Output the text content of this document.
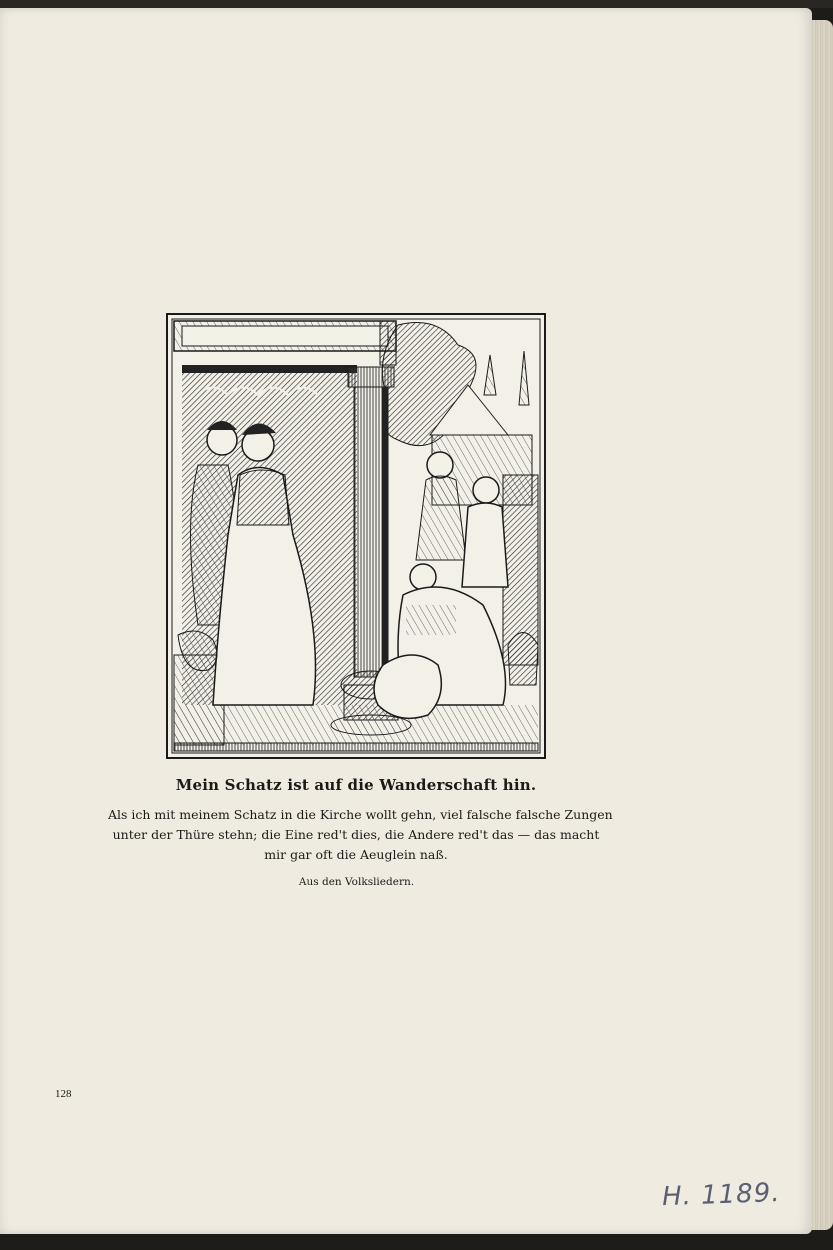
Mein Schatz ist auf die Wanderschaft hin.
Als ich mit meinem Schatz in die Kirche wollt gehn, viel falsche falsche Zungen
unter der Thüre stehn; die Eine red't dies, die Andere red't das — das macht
mir gar oft die Aeuglein naß.
Aus den Volksliedern.
128
H. 1189.
